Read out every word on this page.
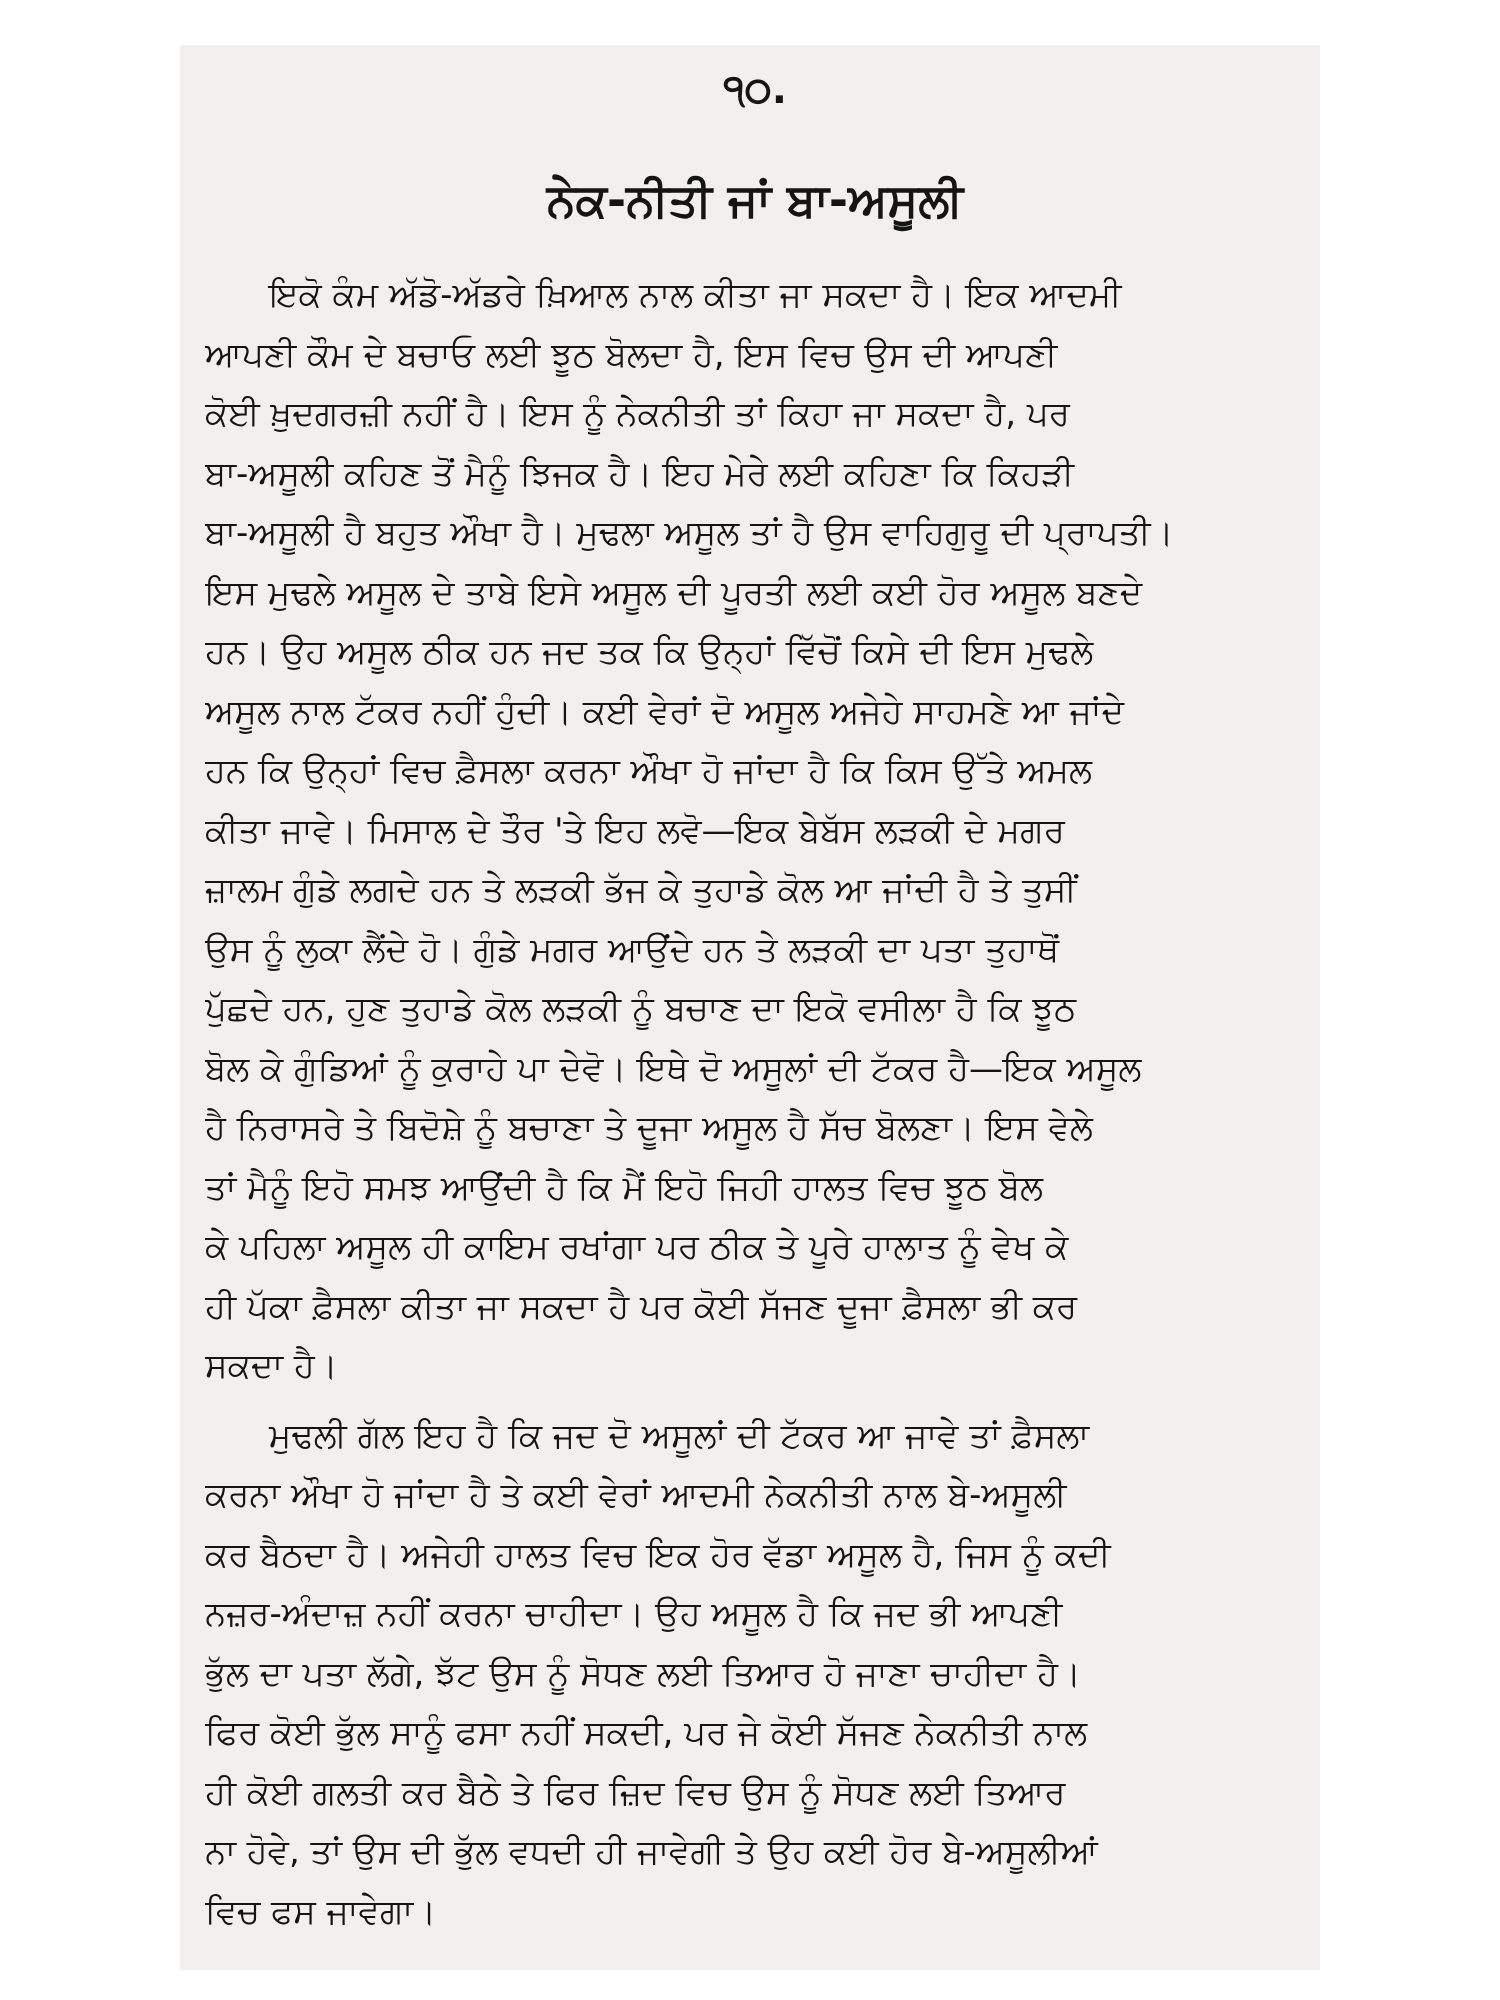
੧੦.
ਨੇਕ-ਨੀਤੀ ਜਾਂ ਬਾ-ਅਸੂਲੀ
ਇਕੋ ਕੰਮ ਅੱਡੋ-ਅੱਡਰੇ ਖ਼ਿਆਲ ਨਾਲ ਕੀਤਾ ਜਾ ਸਕਦਾ ਹੈ। ਇਕ ਆਦਮੀ
ਆਪਣੀ ਕੌਮ ਦੇ ਬਚਾਓ ਲਈ ਝੂਠ ਬੋਲਦਾ ਹੈ, ਇਸ ਵਿਚ ਉਸ ਦੀ ਆਪਣੀ
ਕੋਈ ਖ਼ੁਦਗਰਜ਼ੀ ਨਹੀਂ ਹੈ। ਇਸ ਨੂੰ ਨੇਕਨੀਤੀ ਤਾਂ ਕਿਹਾ ਜਾ ਸਕਦਾ ਹੈ, ਪਰ
ਬਾ-ਅਸੂਲੀ ਕਹਿਣ ਤੋਂ ਮੈਨੂੰ ਝਿਜਕ ਹੈ। ਇਹ ਮੇਰੇ ਲਈ ਕਹਿਣਾ ਕਿ ਕਿਹੜੀ
ਬਾ-ਅਸੂਲੀ ਹੈ ਬਹੁਤ ਔਖਾ ਹੈ। ਮੁਢਲਾ ਅਸੂਲ ਤਾਂ ਹੈ ਉਸ ਵਾਹਿਗੁਰੂ ਦੀ ਪ੍ਰਾਪਤੀ।
ਇਸ ਮੁਢਲੇ ਅਸੂਲ ਦੇ ਤਾਬੇ ਇਸੇ ਅਸੂਲ ਦੀ ਪੂਰਤੀ ਲਈ ਕਈ ਹੋਰ ਅਸੂਲ ਬਣਦੇ
ਹਨ। ਉਹ ਅਸੂਲ ਠੀਕ ਹਨ ਜਦ ਤਕ ਕਿ ਉਨ੍ਹਾਂ ਵਿੱਚੋਂ ਕਿਸੇ ਦੀ ਇਸ ਮੁਢਲੇ
ਅਸੂਲ ਨਾਲ ਟੱਕਰ ਨਹੀਂ ਹੁੰਦੀ। ਕਈ ਵੇਰਾਂ ਦੋ ਅਸੂਲ ਅਜੇਹੇ ਸਾਹਮਣੇ ਆ ਜਾਂਦੇ
ਹਨ ਕਿ ਉਨ੍ਹਾਂ ਵਿਚ ਫ਼ੈਸਲਾ ਕਰਨਾ ਔਖਾ ਹੋ ਜਾਂਦਾ ਹੈ ਕਿ ਕਿਸ ਉੱਤੇ ਅਮਲ
ਕੀਤਾ ਜਾਵੇ। ਮਿਸਾਲ ਦੇ ਤੌਰ 'ਤੇ ਇਹ ਲਵੋ—ਇਕ ਬੇਬੱਸ ਲੜਕੀ ਦੇ ਮਗਰ
ਜ਼ਾਲਮ ਗੁੰਡੇ ਲਗਦੇ ਹਨ ਤੇ ਲੜਕੀ ਭੱਜ ਕੇ ਤੁਹਾਡੇ ਕੋਲ ਆ ਜਾਂਦੀ ਹੈ ਤੇ ਤੁਸੀਂ
ਉਸ ਨੂੰ ਲੁਕਾ ਲੈਂਦੇ ਹੋ। ਗੁੰਡੇ ਮਗਰ ਆਉਂਦੇ ਹਨ ਤੇ ਲੜਕੀ ਦਾ ਪਤਾ ਤੁਹਾਥੋਂ
ਪੁੱਛਦੇ ਹਨ, ਹੁਣ ਤੁਹਾਡੇ ਕੋਲ ਲੜਕੀ ਨੂੰ ਬਚਾਣ ਦਾ ਇਕੋ ਵਸੀਲਾ ਹੈ ਕਿ ਝੂਠ
ਬੋਲ ਕੇ ਗੁੰਡਿਆਂ ਨੂੰ ਕੁਰਾਹੇ ਪਾ ਦੇਵੋ। ਇਥੇ ਦੋ ਅਸੂਲਾਂ ਦੀ ਟੱਕਰ ਹੈ—ਇਕ ਅਸੂਲ
ਹੈ ਨਿਰਾਸਰੇ ਤੇ ਬਿਦੋਸ਼ੇ ਨੂੰ ਬਚਾਣਾ ਤੇ ਦੂਜਾ ਅਸੂਲ ਹੈ ਸੱਚ ਬੋਲਣਾ। ਇਸ ਵੇਲੇ
ਤਾਂ ਮੈਨੂੰ ਇਹੋ ਸਮਝ ਆਉਂਦੀ ਹੈ ਕਿ ਮੈਂ ਇਹੋ ਜਿਹੀ ਹਾਲਤ ਵਿਚ ਝੂਠ ਬੋਲ
ਕੇ ਪਹਿਲਾ ਅਸੂਲ ਹੀ ਕਾਇਮ ਰਖਾਂਗਾ ਪਰ ਠੀਕ ਤੇ ਪੂਰੇ ਹਾਲਾਤ ਨੂੰ ਵੇਖ ਕੇ
ਹੀ ਪੱਕਾ ਫ਼ੈਸਲਾ ਕੀਤਾ ਜਾ ਸਕਦਾ ਹੈ ਪਰ ਕੋਈ ਸੱਜਣ ਦੂਜਾ ਫ਼ੈਸਲਾ ਭੀ ਕਰ
ਸਕਦਾ ਹੈ।
ਮੁਢਲੀ ਗੱਲ ਇਹ ਹੈ ਕਿ ਜਦ ਦੋ ਅਸੂਲਾਂ ਦੀ ਟੱਕਰ ਆ ਜਾਵੇ ਤਾਂ ਫ਼ੈਸਲਾ
ਕਰਨਾ ਔਖਾ ਹੋ ਜਾਂਦਾ ਹੈ ਤੇ ਕਈ ਵੇਰਾਂ ਆਦਮੀ ਨੇਕਨੀਤੀ ਨਾਲ ਬੇ-ਅਸੂਲੀ
ਕਰ ਬੈਠਦਾ ਹੈ। ਅਜੇਹੀ ਹਾਲਤ ਵਿਚ ਇਕ ਹੋਰ ਵੱਡਾ ਅਸੂਲ ਹੈ, ਜਿਸ ਨੂੰ ਕਦੀ
ਨਜ਼ਰ-ਅੰਦਾਜ਼ ਨਹੀਂ ਕਰਨਾ ਚਾਹੀਦਾ। ਉਹ ਅਸੂਲ ਹੈ ਕਿ ਜਦ ਭੀ ਆਪਣੀ
ਭੁੱਲ ਦਾ ਪਤਾ ਲੱਗੇ, ਝੱਟ ਉਸ ਨੂੰ ਸੋਧਣ ਲਈ ਤਿਆਰ ਹੋ ਜਾਣਾ ਚਾਹੀਦਾ ਹੈ।
ਫਿਰ ਕੋਈ ਭੁੱਲ ਸਾਨੂੰ ਫਸਾ ਨਹੀਂ ਸਕਦੀ, ਪਰ ਜੇ ਕੋਈ ਸੱਜਣ ਨੇਕਨੀਤੀ ਨਾਲ
ਹੀ ਕੋਈ ਗਲਤੀ ਕਰ ਬੈਠੇ ਤੇ ਫਿਰ ਜ਼ਿਦ ਵਿਚ ਉਸ ਨੂੰ ਸੋਧਣ ਲਈ ਤਿਆਰ
ਨਾ ਹੋਵੇ, ਤਾਂ ਉਸ ਦੀ ਭੁੱਲ ਵਧਦੀ ਹੀ ਜਾਵੇਗੀ ਤੇ ਉਹ ਕਈ ਹੋਰ ਬੇ-ਅਸੂਲੀਆਂ
ਵਿਚ ਫਸ ਜਾਵੇਗਾ।
